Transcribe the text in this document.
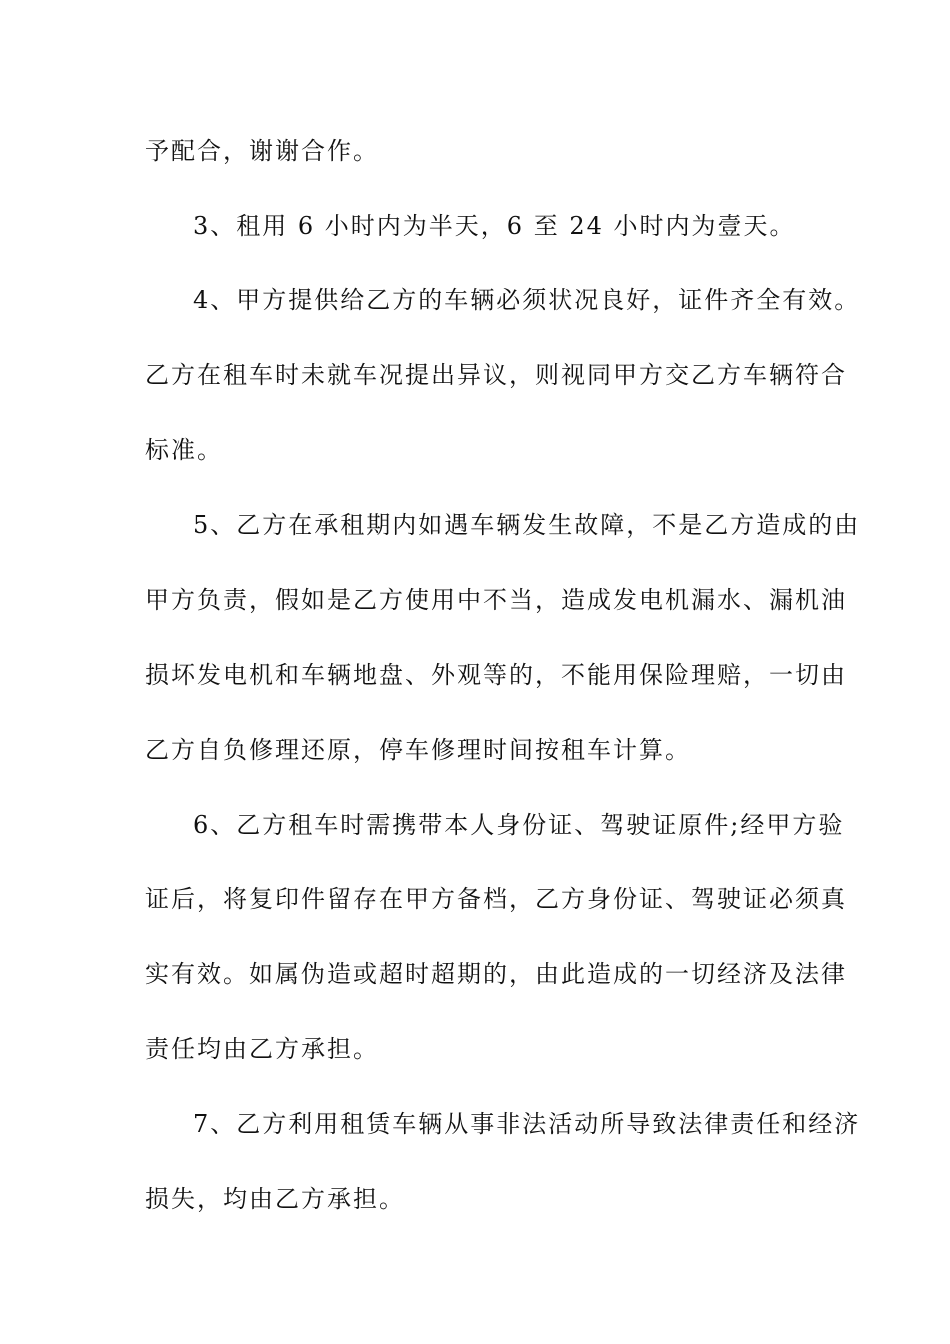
予配合，谢谢合作。
3、租用 6 小时内为半天，6 至 24 小时内为壹天。
4、甲方提供给乙方的车辆必须状况良好，证件齐全有效。
乙方在租车时未就车况提出异议，则视同甲方交乙方车辆符合
标准。
5、乙方在承租期内如遇车辆发生故障，不是乙方造成的由
甲方负责，假如是乙方使用中不当，造成发电机漏水、漏机油
损坏发电机和车辆地盘、外观等的，不能用保险理赔，一切由
乙方自负修理还原，停车修理时间按租车计算。
6、乙方租车时需携带本人身份证、驾驶证原件;经甲方验
证后，将复印件留存在甲方备档，乙方身份证、驾驶证必须真
实有效。如属伪造或超时超期的，由此造成的一切经济及法律
责任均由乙方承担。
7、乙方利用租赁车辆从事非法活动所导致法律责任和经济
损失，均由乙方承担。
